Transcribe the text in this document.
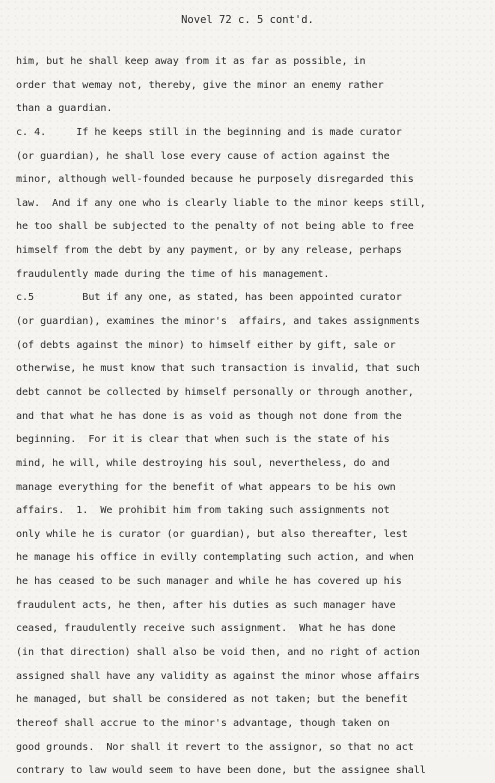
Novel 72 c. 5 cont'd.
him, but he shall keep away from it as far as possible, in
order that wemay not, thereby, give the minor an enemy rather
than a guardian.
c. 4.     If he keeps still in the beginning and is made curator
(or guardian), he shall lose every cause of action against the
minor, although well-founded because he purposely disregarded this
law.  And if any one who is clearly liable to the minor keeps still,
he too shall be subjected to the penalty of not being able to free
himself from the debt by any payment, or by any release, perhaps
fraudulently made during the time of his management.
c.5        But if any one, as stated, has been appointed curator
(or guardian), examines the minor's  affairs, and takes assignments
(of debts against the minor) to himself either by gift, sale or
otherwise, he must know that such transaction is invalid, that such
debt cannot be collected by himself personally or through another,
and that what he has done is as void as though not done from the
beginning.  For it is clear that when such is the state of his
mind, he will, while destroying his soul, nevertheless, do and
manage everything for the benefit of what appears to be his own
affairs.  1.  We prohibit him from taking such assignments not
only while he is curator (or guardian), but also thereafter, lest
he manage his office in evilly contemplating such action, and when
he has ceased to be such manager and while he has covered up his
fraudulent acts, he then, after his duties as such manager have
ceased, fraudulently receive such assignment.  What he has done
(in that direction) shall also be void then, and no right of action
assigned shall have any validity as against the minor whose affairs
he managed, but shall be considered as not taken; but the benefit
thereof shall accrue to the minor's advantage, though taken on
good grounds.  Nor shall it revert to the assignor, so that no act
contrary to law would seem to have been done, but the assignee shall
